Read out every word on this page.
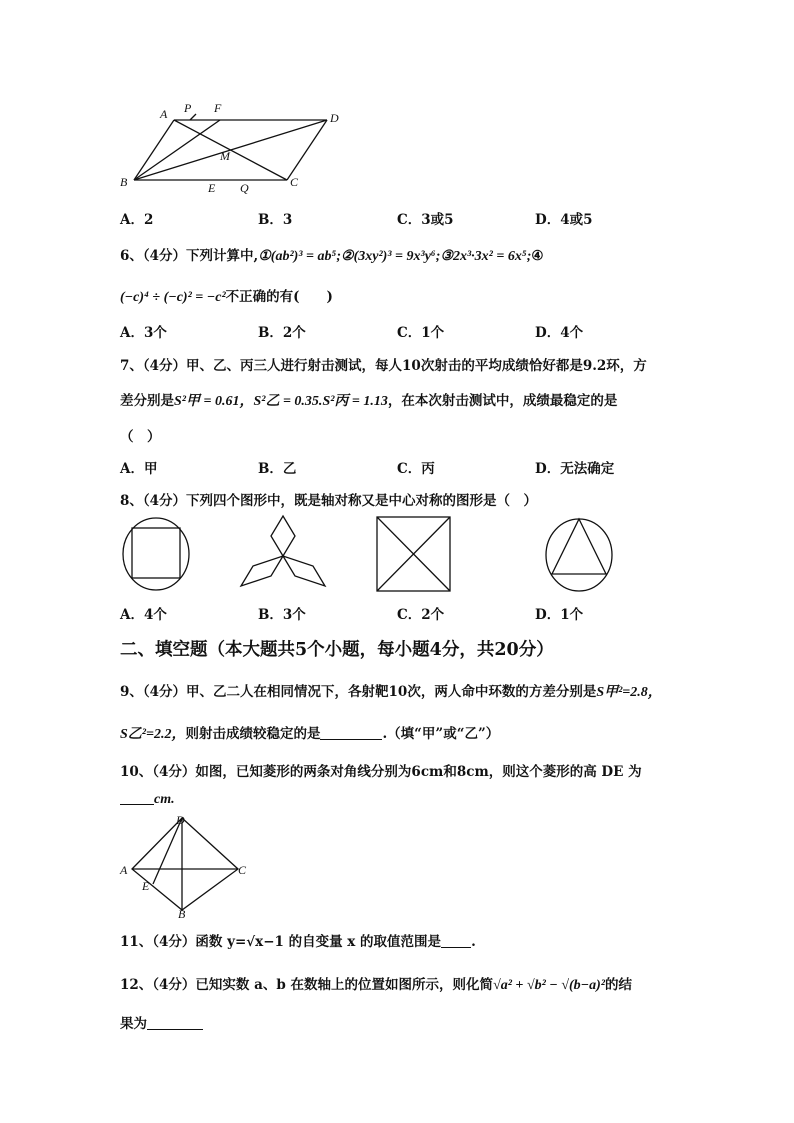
A P F
D
M
B	E Q	C
A．2	B．3	C．3或5	D．4或5
6、（4分）下列计算中,①(ab²)³ = ab⁵;②(3xy²)³ = 9x³y⁶;③2x³·3x² = 6x⁵;④
(−c)⁴ ÷ (−c)² = −c²不正确的有(　　)
A．3个	B．2个	C．1个	D．4个
7、（4分）甲、乙、丙三人进行射击测试，每人10次射击的平均成绩恰好都是9.2环，方
差分别是S²甲 = 0.61，S²乙 = 0.35.S²丙 = 1.13，在本次射击测试中，成绩最稳定的是
（　）
A．甲	B．乙	C．丙	D．无法确定
8、（4分）下列四个图形中，既是轴对称又是中心对称的图形是（　）
A．4个	B．3个	C．2个	D．1个
二、填空题（本大题共5个小题，每小题4分，共20分）
9、（4分）甲、乙二人在相同情况下，各射靶10次，两人命中环数的方差分别是S甲²=2.8，
S乙²=2.2，则射击成绩较稳定的是	.（填“甲”或“乙”）
10、（4分）如图，已知菱形的两条对角线分别为6cm和8cm，则这个菱形的高 DE 为
cm.
D
A	C
E
B
11、（4分）函数 y=√x−1 的自变量 x 的取值范围是 .
12、（4分）已知实数 a、b 在数轴上的位置如图所示，则化简√a² + √b² − √(b−a)²的结
果为
